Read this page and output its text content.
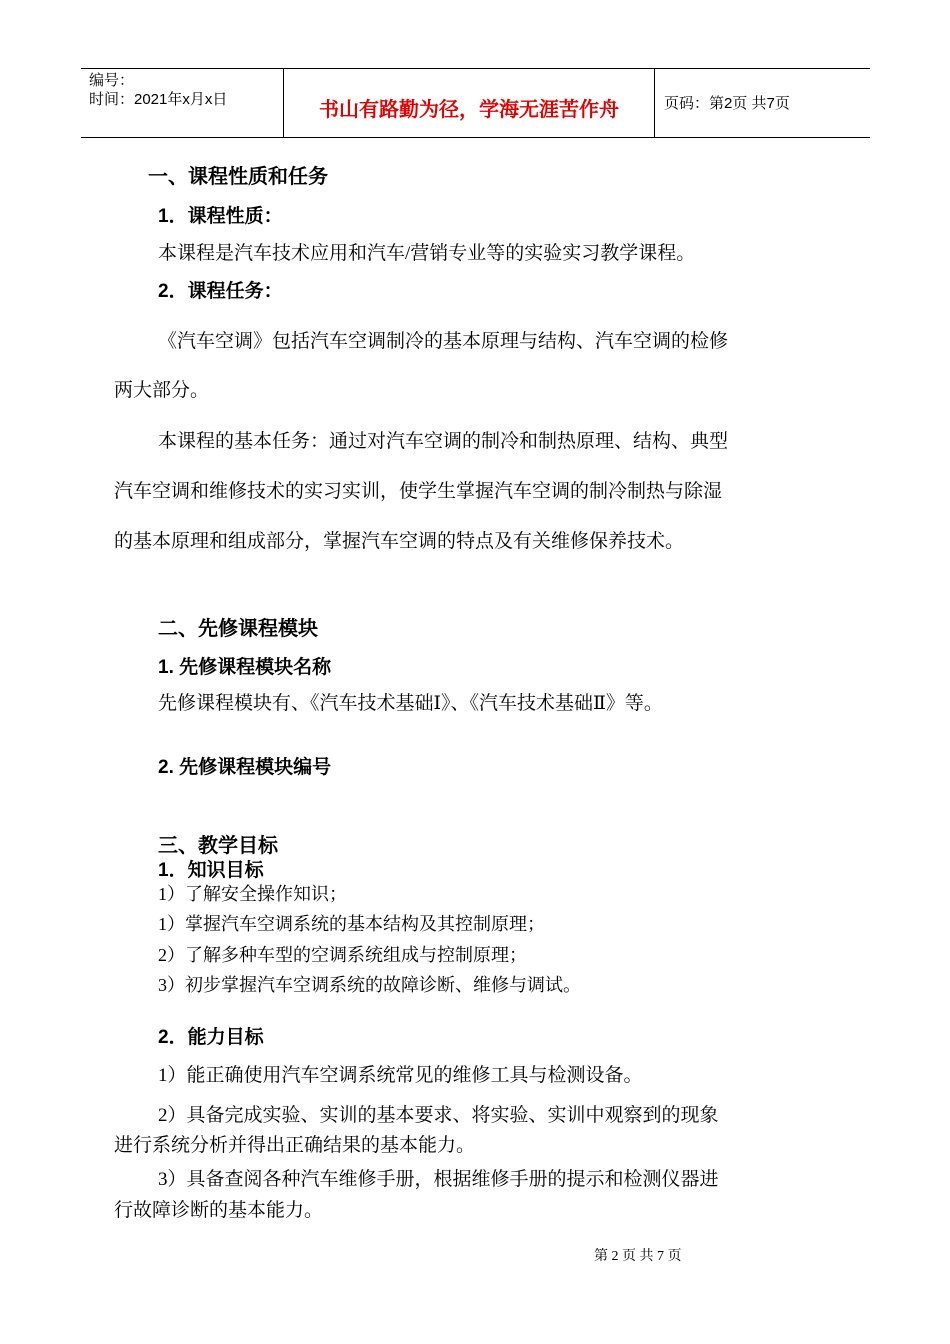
编号：
时间：2021年x月x日	书山有路勤为径，学海无涯苦作舟	页码：第2页 共7页
一、课程性质和任务
1．课程性质：
本课程是汽车技术应用和汽车/营销专业等的实验实习教学课程。
2．课程任务：
《汽车空调》包括汽车空调制冷的基本原理与结构、汽车空调的检修
两大部分。
本课程的基本任务：通过对汽车空调的制冷和制热原理、结构、典型
汽车空调和维修技术的实习实训，使学生掌握汽车空调的制冷制热与除湿
的基本原理和组成部分，掌握汽车空调的特点及有关维修保养技术。
二、先修课程模块
1. 先修课程模块名称
先修课程模块有、《汽车技术基础Ⅰ》、《汽车技术基础Ⅱ》等。
2. 先修课程模块编号
三、教学目标
1．知识目标
1）了解安全操作知识；
1）掌握汽车空调系统的基本结构及其控制原理；
2）了解多种车型的空调系统组成与控制原理；
3）初步掌握汽车空调系统的故障诊断、维修与调试。
2．能力目标
1）能正确使用汽车空调系统常见的维修工具与检测设备。
2）具备完成实验、实训的基本要求、将实验、实训中观察到的现象
进行系统分析并得出正确结果的基本能力。
3）具备查阅各种汽车维修手册，根据维修手册的提示和检测仪器进
行故障诊断的基本能力。
第 2 页 共 7 页
